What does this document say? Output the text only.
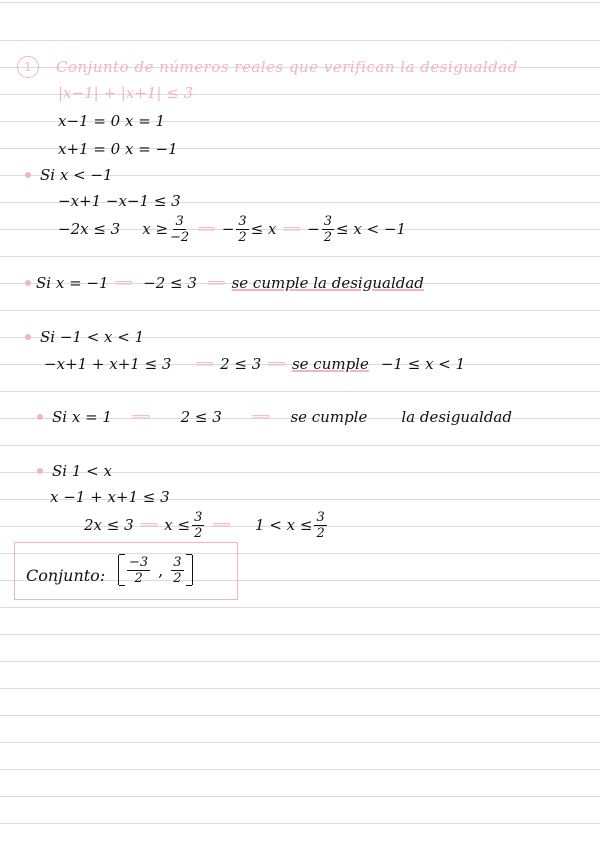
1	Conjunto de números reales que verifican la desigualdad
|x−1| + |x+1| ≤ 3
x−1 = 0 x = 1
x+1 = 0 x = −1
Si x < −1
−x+1 −x−1 ≤ 3
−2x ≤ 3 $x \ge \frac{3}{-2}$ ⟹ − $\frac{3}{2} \le x$ ⟹ − $\frac{3}{2} \le x < -1$
Si x = −1 ⟹ −2 ≤ 3 ⟹ se cumple la desigualdad
Si −1 < x < 1
−x+1 + x+1 ≤ 3 ⟹ 2 ≤ 3 ⟹ se cumple −1 ≤ x < 1
Si x = 1 ⟹ 2 ≤ 3 ⟹ se cumple la desigualdad
Si 1 < x
x −1 + x+1 ≤ 3
2x ≤ 3 ⟹ $x \le \frac{3}{2}$ ⟹ $1 < x \le \frac{3}{2}$
Conjunto: $\frac{-3}{2}$ , $\frac{3}{2}$
